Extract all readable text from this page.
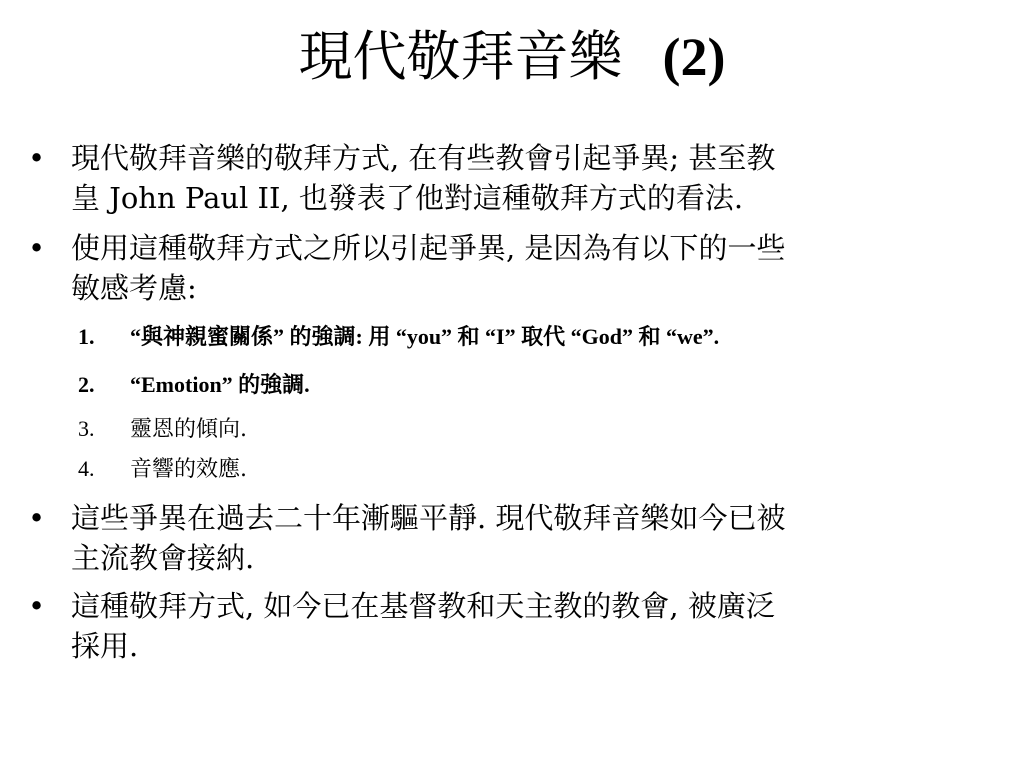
現代敬拜音樂 (2)
• 現代敬拜音樂的敬拜方式, 在有些教會引起爭異; 甚至教
皇 John Paul II, 也發表了他對這種敬拜方式的看法.
• 使用這種敬拜方式之所以引起爭異, 是因為有以下的一些
敏感考慮:
1. “與神親蜜關係” 的強調: 用 “you” 和 “I” 取代 “God” 和 “we”.
2. “Emotion” 的強調.
3. 靈恩的傾向.
4. 音響的效應.
• 這些爭異在過去二十年漸驅平靜. 現代敬拜音樂如今已被
主流教會接納.
• 這種敬拜方式, 如今已在基督教和天主教的教會, 被廣泛
採用.
